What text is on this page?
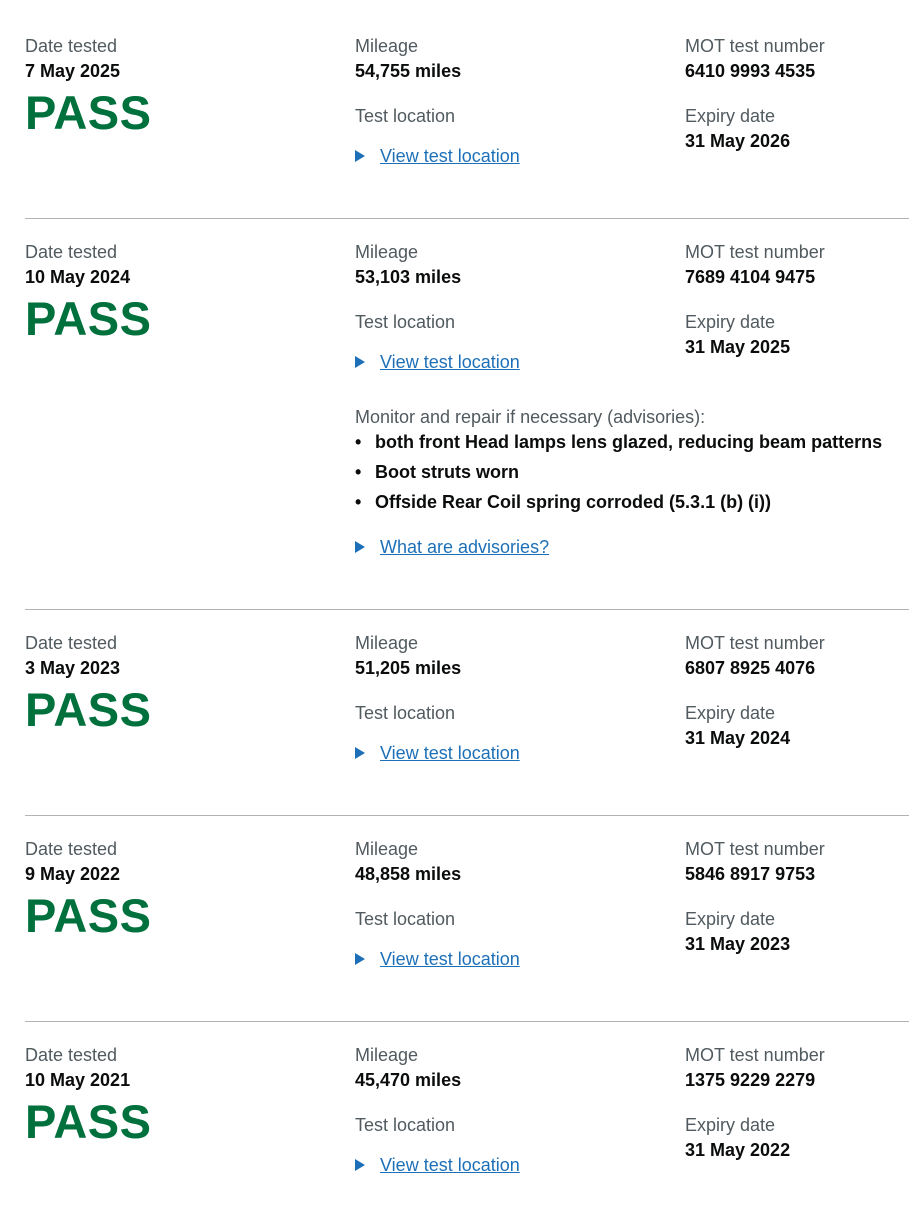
Date tested
7 May 2025
PASS
Mileage
54,755 miles
Test location
View test location
MOT test number
6410 9993 4535
Expiry date
31 May 2026
Date tested
10 May 2024
PASS
Mileage
53,103 miles
Test location
View test location
Monitor and repair if necessary (advisories):
• both front Head lamps lens glazed, reducing beam patterns
• Boot struts worn
• Offside Rear Coil spring corroded (5.3.1 (b) (i))
What are advisories?
MOT test number
7689 4104 9475
Expiry date
31 May 2025
Date tested
3 May 2023
PASS
Mileage
51,205 miles
Test location
View test location
MOT test number
6807 8925 4076
Expiry date
31 May 2024
Date tested
9 May 2022
PASS
Mileage
48,858 miles
Test location
View test location
MOT test number
5846 8917 9753
Expiry date
31 May 2023
Date tested
10 May 2021
PASS
Mileage
45,470 miles
Test location
View test location
MOT test number
1375 9229 2279
Expiry date
31 May 2022
